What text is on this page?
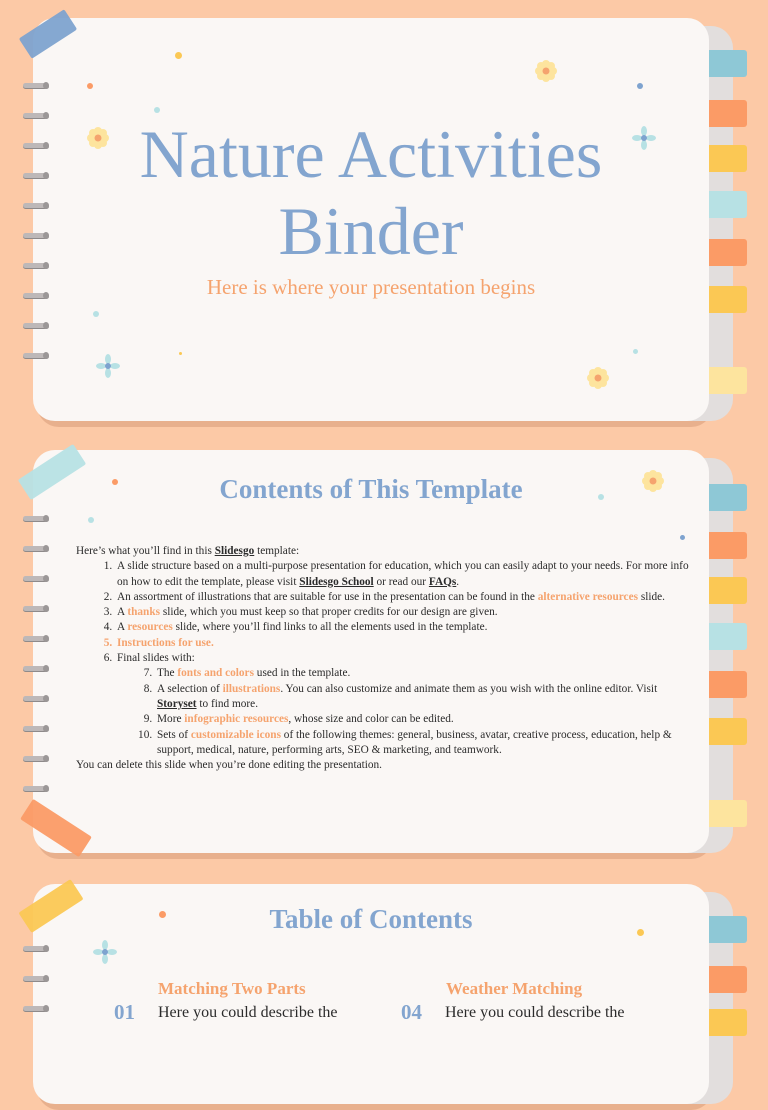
Nature Activities
Binder
Here is where your presentation begins
Contents of This Template

Here’s what you’ll find in this Slidesgo template:

1. A slide structure based on a multi-purpose presentation for education, which you can easily adapt to your needs. For more info on how to edit the template, please visit Slidesgo School or read our FAQs.
2. An assortment of illustrations that are suitable for use in the presentation can be found in the alternative resources slide.
3. A thanks slide, which you must keep so that proper credits for our design are given.
4. A resources slide, where you’ll find links to all the elements used in the template.
5. Instructions for use.
6. Final slides with:
7. The fonts and colors used in the template.
8. A selection of illustrations. You can also customize and animate them as you wish with the online editor. Visit Storyset to find more.
9. More infographic resources, whose size and color can be edited.
10. Sets of customizable icons of the following themes: general, business, avatar, creative process, education, help & support, medical, nature, performing arts, SEO & marketing, and teamwork.

You can delete this slide when you’re done editing the presentation.

Table of Contents
Matching Two Parts
01 Here you could describe the
Weather Matching
04 Here you could describe the
